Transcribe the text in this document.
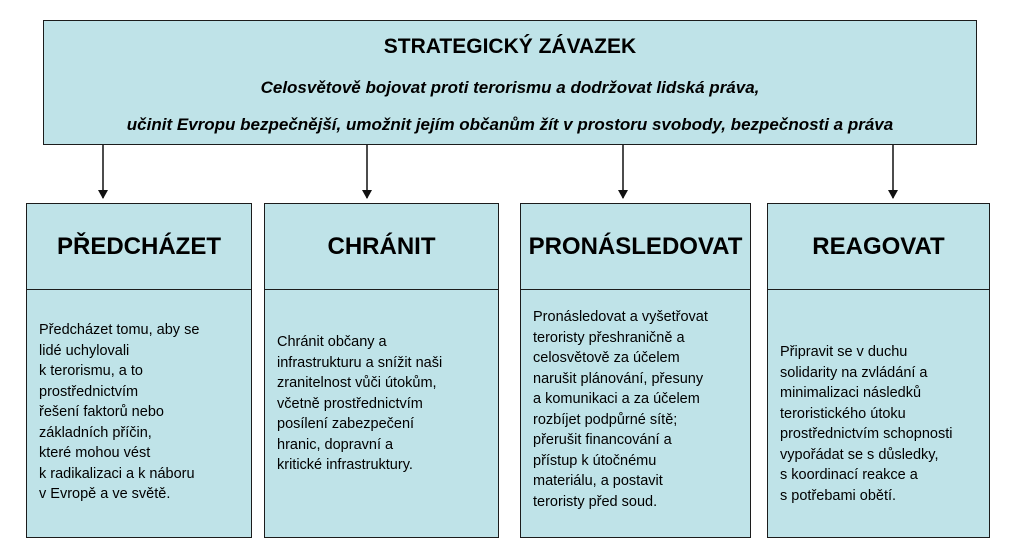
STRATEGICKÝ ZÁVAZEK
Celosvětově bojovat proti terorismu a dodržovat lidská práva,
učinit Evropu bezpečnější, umožnit jejím občanům žít v prostoru svobody, bezpečnosti a práva
PŘEDCHÁZET
Předcházet tomu, aby se
lidé uchylovali
k terorismu, a to
prostřednictvím
řešení faktorů nebo
základních příčin,
které mohou vést
k radikalizaci a k náboru
v Evropě a ve světě.
CHRÁNIT
Chránit občany a
infrastrukturu a snížit naši
zranitelnost vůči útokům,
včetně prostřednictvím
posílení zabezpečení
hranic, dopravní a
kritické infrastruktury.
PRONÁSLEDOVAT
Pronásledovat a vyšetřovat
teroristy přeshraničně a
celosvětově za účelem
narušit plánování, přesuny
a komunikaci a za účelem
rozbíjet podpůrné sítě;
přerušit financování a
přístup k útočnému
materiálu, a postavit
teroristy před soud.
REAGOVAT
Připravit se v duchu
solidarity na zvládání a
minimalizaci následků
teroristického útoku
prostřednictvím schopnosti
vypořádat se s důsledky,
s koordinací reakce a
s potřebami obětí.
